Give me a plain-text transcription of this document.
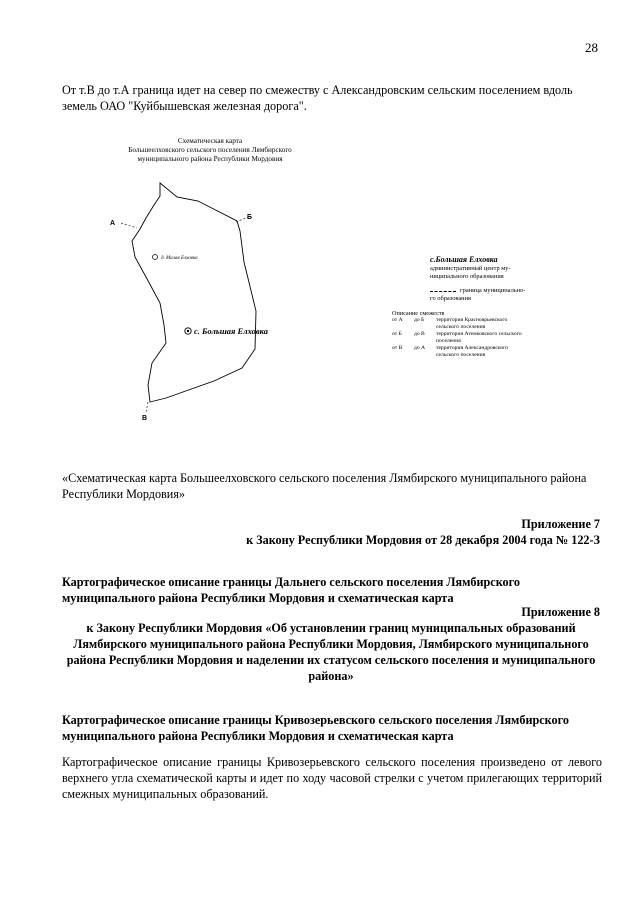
28
От т.В до т.А граница идет на север по смежеству с Александровским сельским поселением вдоль земель ОАО "Куйбышевская железная дорога".
Схематическая карта
Большеелховского сельского поселения Лямбирского
муниципального района Республики Мордовия
А
Б
В
д. Малая Елховка
с. Большая Елховка
с.Большая Елховка
административный центр му-
ниципального образования
граница муниципально-
го образования
Описание смежеств
от А	до Б	территория Красноярьевского
сельского поселения
от Б	до В	территория Атемковского сельского
поселения
от В	до А	территория Александровского
сельского поселения
«Схематическая карта Большеелховского сельского поселения Лямбирского муниципального района Республики Мордовия»
Приложение 7
к Закону Республики Мордовия от 28 декабря 2004 года № 122-З
Картографическое описание границы Дальнего сельского поселения Лямбирского муниципального района Республики Мордовия и схематическая карта
Приложение 8
к Закону Республики Мордовия «Об установлении границ муниципальных образований Лямбирского муниципального района Республики Мордовия, Лямбирского муниципального района Республики Мордовия и наделении их статусом сельского поселения и муниципального района»
Картографическое описание границы Кривозерьевского сельского поселения Лямбирского муниципального района Республики Мордовия и схематическая карта
Картографическое описание границы Кривозерьевского сельского поселения произведено от левого верхнего угла схематической карты и идет по ходу часовой стрелки с учетом прилегающих территорий смежных муниципальных образований.
